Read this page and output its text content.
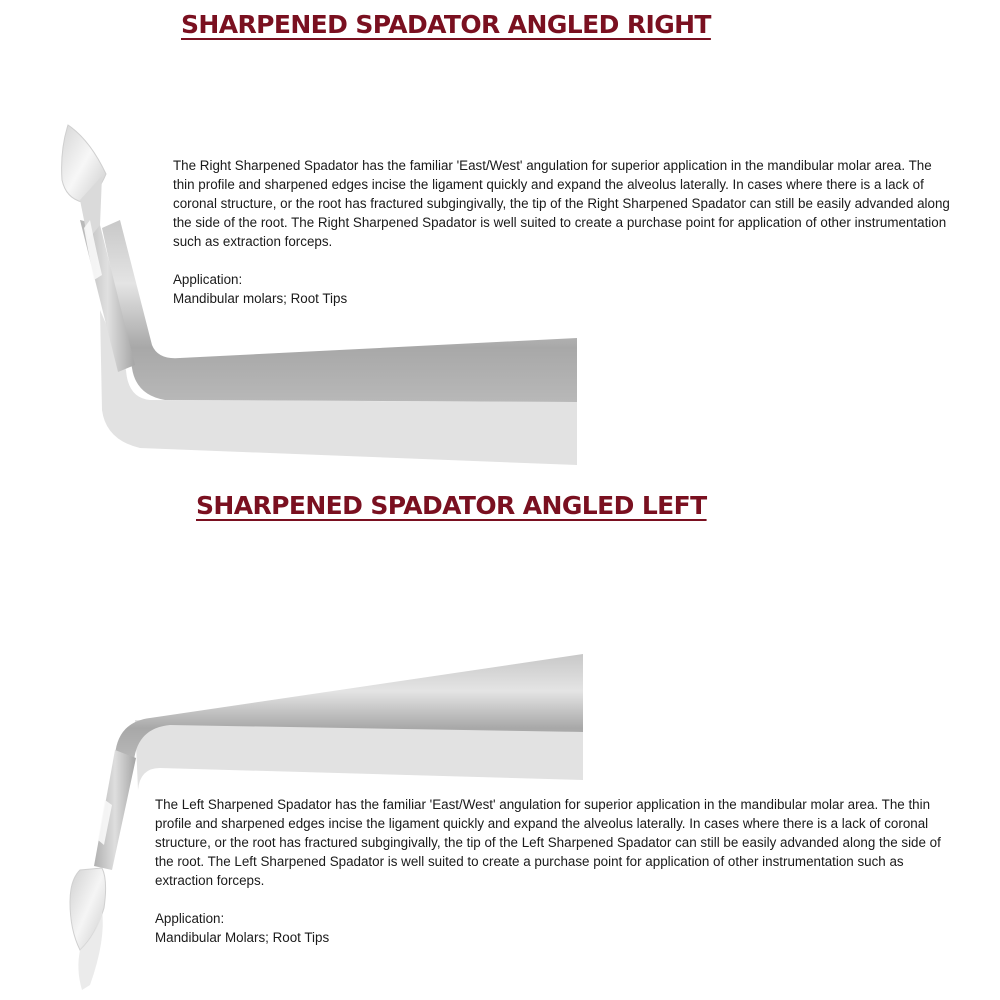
SHARPENED SPADATOR ANGLED RIGHT

The Right Sharpened Spadator has the familiar 'East/West' angulation for superior application in the mandibular molar area. The thin profile and sharpened edges incise the ligament quickly and expand the alveolus laterally. In cases where there is a lack of coronal structure, or the root has fractured subgingivally, the tip of the Right Sharpened Spadator can still be easily advanded along the side of the root. The Right Sharpened Spadator is well suited to create a purchase point for application of other instrumentation such as extraction forceps.

Application:
Mandibular molars; Root Tips
SHARPENED SPADATOR ANGLED LEFT

The Left Sharpened Spadator has the familiar 'East/West' angulation for superior application in the mandibular molar area. The thin profile and sharpened edges incise the ligament quickly and expand the alveolus laterally. In cases where there is a lack of coronal structure, or the root has fractured subgingivally, the tip of the Left Sharpened Spadator can still be easily advanded along the side of the root. The Left Sharpened Spadator is well suited to create a purchase point for application of other instrumentation such as extraction forceps.

Application:
Mandibular Molars; Root Tips
